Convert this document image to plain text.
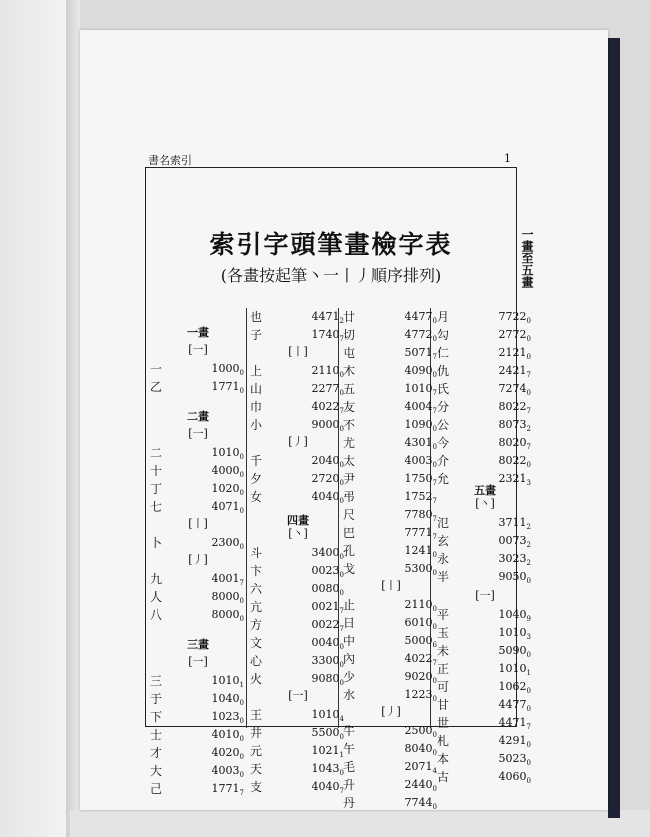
書名索引	1
索引字頭筆畫檢字表
(各畫按起筆丶一丨丿順序排列)	一畫至五畫
一畫
[一]
一	$1000_0$
乙	$1771_0$
二畫
[一]
二	$1010_0$
十	$4000_0$
丁	$1020_0$
七	$4071_0$
[丨]
卜	$2300_0$
[丿]
九	$4001_7$
人	$8000_0$
八	$8000_0$
三畫
[一]
三	$1010_1$
于	$1040_0$
下	$1023_0$
士	$4010_0$
才	$4020_0$
大	$4003_0$
己	$1771_7$
也	$4471_2$
子	$1740_7$
[丨]
上	$2110_0$
山	$2277_0$
巾	$4022_7$
小	$9000_0$
[丿]
千	$2040_0$
夕	$2720_0$
女	$4040_0$
四畫
[丶]
斗	$3400_0$
卞	$0023_0$
六	$0080_0$
亢	$0021_7$
方	$0022_7$
文	$0040_0$
心	$3300_0$
火	$9080_0$
[一]
王	$1010_4$
井	$5500_0$
元	$1021_1$
天	$1043_0$
支	$4040_7$
廿	$4477_0$
切	$4772_0$
屯	$5071_7$
木	$4090_0$
五	$1010_7$
友	$4004_7$
不	$1090_0$
尤	$4301_0$
太	$4003_0$
尹	$1750_7$
弔	$1752_7$
尺	$7780_7$
巴	$7771_7$
孔	$1241_0$
戈	$5300_0$
[丨]
止	$2110_0$
日	$6010_0$
中	$5000_6$
內	$4022_7$
少	$9020_0$
水	$1223_0$
[丿]
牛	$2500_0$
午	$8040_0$
毛	$2071_4$
升	$2440_0$
丹	$7744_0$
月	$7722_0$
勾	$2772_0$
仁	$2121_0$
仇	$2421_7$
氏	$7274_0$
分	$8022_7$
公	$8073_2$
今	$8020_7$
介	$8022_0$
允	$2321_3$
五畫
[丶]
氾	$3711_2$
玄	$0073_2$
永	$3023_2$
半	$9050_0$
[一]
平	$1040_9$
玉	$1010_3$
未	$5090_0$
正	$1010_1$
可	$1062_0$
甘	$4477_0$
世	$4471_7$
札	$4291_0$
本	$5023_0$
古	$4060_0$
